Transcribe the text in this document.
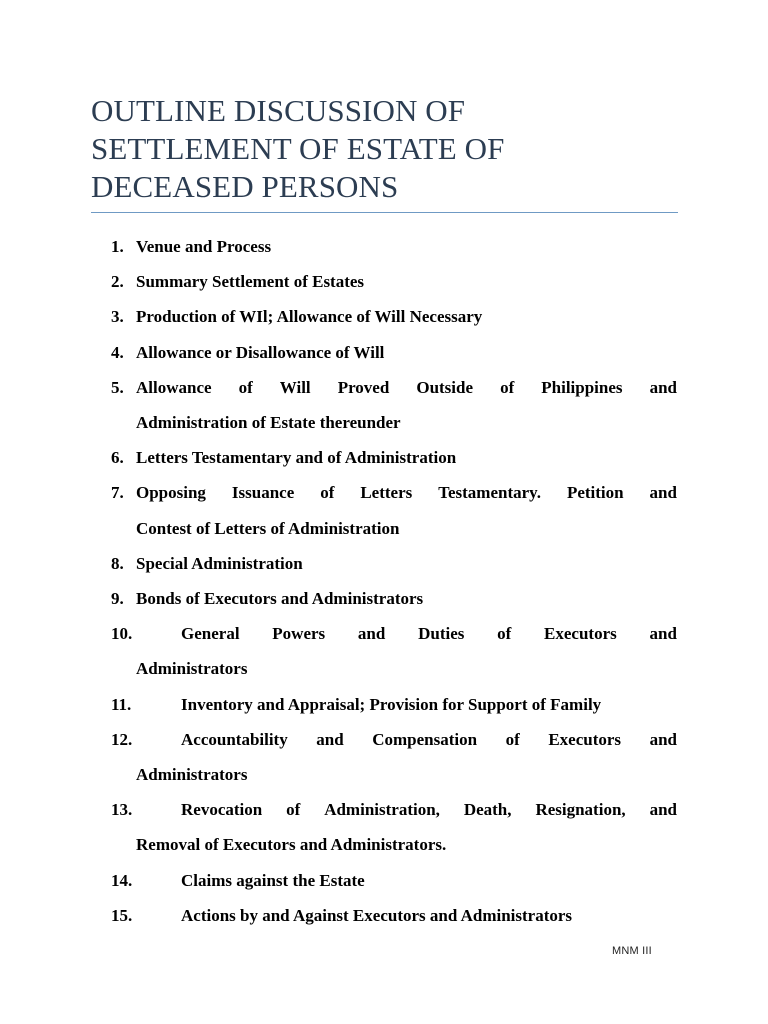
OUTLINE DISCUSSION OF
SETTLEMENT OF ESTATE OF
DECEASED PERSONS
1. Venue and Process
2. Summary Settlement of Estates
3. Production of WIl; Allowance of Will Necessary
4. Allowance or Disallowance of Will
5. Allowance of Will Proved Outside of Philippines and
Administration of Estate thereunder
6. Letters Testamentary and of Administration
7. Opposing Issuance of Letters Testamentary. Petition and
Contest of Letters of Administration
8. Special Administration
9. Bonds of Executors and Administrators
10.	General Powers and Duties of Executors and
Administrators
11.	Inventory and Appraisal; Provision for Support of Family
12.	Accountability and Compensation of Executors and
Administrators
13.	Revocation of Administration, Death, Resignation, and
Removal of Executors and Administrators.
14.	Claims against the Estate
15.	Actions by and Against Executors and Administrators
MNM III
